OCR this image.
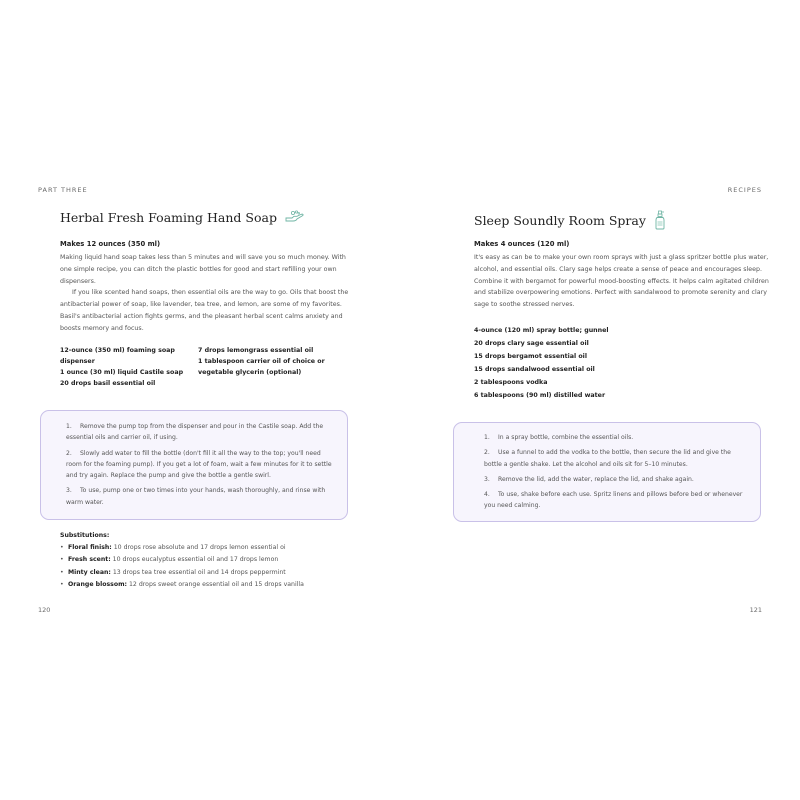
PART THREE
Herbal Fresh Foaming Hand Soap
Makes 12 ounces (350 ml)

Making liquid hand soap takes less than 5 minutes and will save you so much money. With one simple recipe, you can ditch the plastic bottles for good and start refilling your own dispensers.

If you like scented hand soaps, then essential oils are the way to go. Oils that boost the antibacterial power of soap, like lavender, tea tree, and lemon, are some of my favorites. Basil's antibacterial action fights germs, and the pleasant herbal scent calms anxiety and boosts memory and focus.

12-ounce (350 ml) foaming soap dispenser
1 ounce (30 ml) liquid Castile soap
20 drops basil essential oil
7 drops lemongrass essential oil
1 tablespoon carrier oil of choice or vegetable glycerin (optional)

1. Remove the pump top from the dispenser and pour in the Castile soap. Add the essential oils and carrier oil, if using.

2. Slowly add water to fill the bottle (don't fill it all the way to the top; you'll need room for the foaming pump). If you get a lot of foam, wait a few minutes for it to settle and try again. Replace the pump and give the bottle a gentle swirl.

3. To use, pump one or two times into your hands, wash thoroughly, and rinse with warm water.

Substitutions:
• Floral finish: 10 drops rose absolute and 17 drops lemon essential oi
• Fresh scent: 10 drops eucalyptus essential oil and 17 drops lemon
• Minty clean: 13 drops tea tree essential oil and 14 drops peppermint
• Orange blossom: 12 drops sweet orange essential oil and 15 drops vanilla
120
RECIPES
Sleep Soundly Room Spray
Makes 4 ounces (120 ml)

It's easy as can be to make your own room sprays with just a glass spritzer bottle plus water, alcohol, and essential oils. Clary sage helps create a sense of peace and encourages sleep. Combine it with bergamot for powerful mood-boosting effects. It helps calm agitated children and stabilize overpowering emotions. Perfect with sandalwood to promote serenity and clary sage to soothe stressed nerves.

4-ounce (120 ml) spray bottle; gunnel
20 drops clary sage essential oil
15 drops bergamot essential oil
15 drops sandalwood essential oil
2 tablespoons vodka
6 tablespoons (90 ml) distilled water

1. In a spray bottle, combine the essential oils.

2. Use a funnel to add the vodka to the bottle, then secure the lid and give the bottle a gentle shake. Let the alcohol and oils sit for 5–10 minutes.

3. Remove the lid, add the water, replace the lid, and shake again.

4. To use, shake before each use. Spritz linens and pillows before bed or whenever you need calming.

121
